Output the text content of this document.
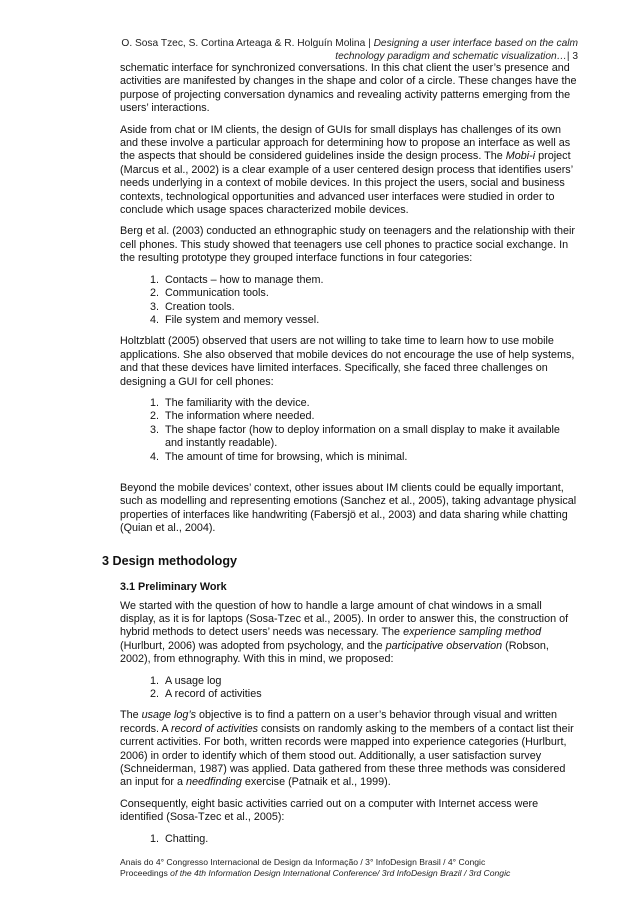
O. Sosa Tzec, S. Cortina Arteaga & R. Holguín Molina | Designing a user interface based on the calm technology paradigm and schematic visualization…| 3

schematic interface for synchronized conversations. In this chat client the user’s presence and activities are manifested by changes in the shape and color of a circle. These changes have the purpose of projecting conversation dynamics and revealing activity patterns emerging from the users’ interactions.

Aside from chat or IM clients, the design of GUIs for small displays has challenges of its own and these involve a particular approach for determining how to propose an interface as well as the aspects that should be considered guidelines inside the design process. The Mobi-i project (Marcus et al., 2002) is a clear example of a user centered design process that identifies users’ needs underlying in a context of mobile devices. In this project the users, social and business contexts, technological opportunities and advanced user interfaces were studied in order to conclude which usage spaces characterized mobile devices.

Berg et al. (2003) conducted an ethnographic study on teenagers and the relationship with their cell phones. This study showed that teenagers use cell phones to practice social exchange. In the resulting prototype they grouped interface functions in four categories:

1. Contacts – how to manage them.
2. Communication tools.
3. Creation tools.
4. File system and memory vessel.

Holtzblatt (2005) observed that users are not willing to take time to learn how to use mobile applications. She also observed that mobile devices do not encourage the use of help systems, and that these devices have limited interfaces. Specifically, she faced three challenges on designing a GUI for cell phones:

1. The familiarity with the device.
2. The information where needed.
3. The shape factor (how to deploy information on a small display to make it available and instantly readable).
4. The amount of time for browsing, which is minimal.

Beyond the mobile devices’ context, other issues about IM clients could be equally important, such as modelling and representing emotions (Sanchez et al., 2005), taking advantage physical properties of interfaces like handwriting (Fabersjö et al., 2003) and data sharing while chatting (Quian et al., 2004).

3 Design methodology
3.1 Preliminary Work

We started with the question of how to handle a large amount of chat windows in a small display, as it is for laptops (Sosa-Tzec et al., 2005). In order to answer this, the construction of hybrid methods to detect users’ needs was necessary. The experience sampling method (Hurlburt, 2006) was adopted from psychology, and the participative observation (Robson, 2002), from ethnography. With this in mind, we proposed:

1. A usage log
2. A record of activities

The usage log’s objective is to find a pattern on a user’s behavior through visual and written records. A record of activities consists on randomly asking to the members of a contact list their current activities. For both, written records were mapped into experience categories (Hurlburt, 2006) in order to identify which of them stood out. Additionally, a user satisfaction survey (Schneiderman, 1987) was applied. Data gathered from these three methods was considered an input for a needfinding exercise (Patnaik et al., 1999).

Consequently, eight basic activities carried out on a computer with Internet access were identified (Sosa-Tzec et al., 2005):

1. Chatting.
Anais do 4° Congresso Internacional de Design da Informação / 3° InfoDesign Brasil / 4° Congic
Proceedings of the 4th Information Design International Conference/ 3rd InfoDesign Brazil / 3rd Congic
